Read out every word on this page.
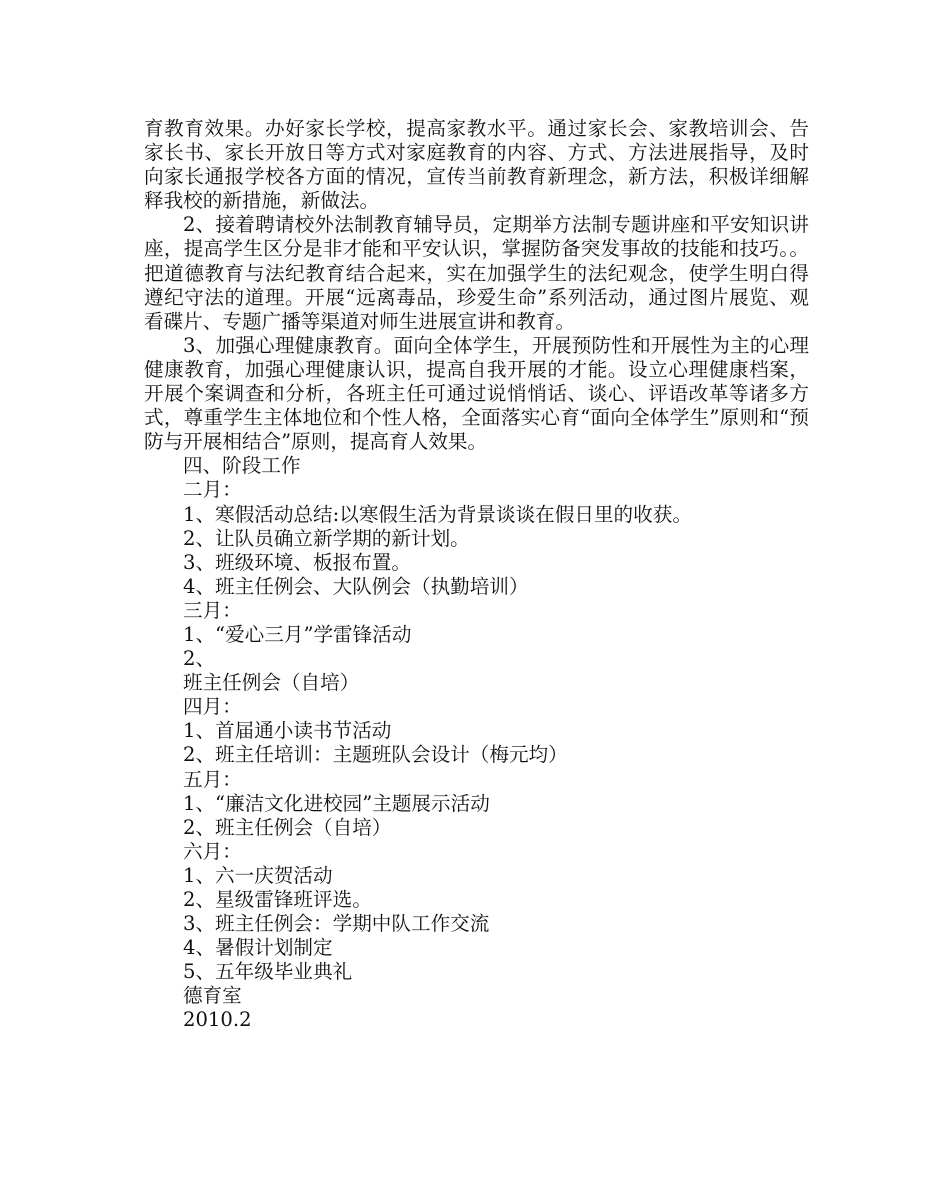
育教育效果。办好家长学校，提高家教水平。通过家长会、家教培训会、告家长书、家长开放日等方式对家庭教育的内容、方式、方法进展指导，及时向家长通报学校各方面的情况，宣传当前教育新理念，新方法，积极详细解释我校的新措施，新做法。

2、接着聘请校外法制教育辅导员，定期举方法制专题讲座和平安知识讲座，提高学生区分是非才能和平安认识，掌握防备突发事故的技能和技巧。。把道德教育与法纪教育结合起来，实在加强学生的法纪观念，使学生明白得遵纪守法的道理。开展“远离毒品，珍爱生命”系列活动，通过图片展览、观看碟片、专题广播等渠道对师生进展宣讲和教育。

3、加强心理健康教育。面向全体学生，开展预防性和开展性为主的心理健康教育，加强心理健康认识，提高自我开展的才能。设立心理健康档案，开展个案调查和分析，各班主任可通过说悄悄话、谈心、评语改革等诸多方式，尊重学生主体地位和个性人格，全面落实心育“面向全体学生”原则和“预防与开展相结合”原则，提高育人效果。

四、阶段工作

二月：

1、寒假活动总结:以寒假生活为背景谈谈在假日里的收获。

2、让队员确立新学期的新计划。

3、班级环境、板报布置。

4、班主任例会、大队例会（执勤培训）

三月：

1、“爱心三月”学雷锋活动

2、

班主任例会（自培）

四月：

1、首届通小读书节活动

2、班主任培训：主题班队会设计（梅元均）

五月：

1、“廉洁文化进校园”主题展示活动

2、班主任例会（自培）

六月：

1、六一庆贺活动

2、星级雷锋班评选。

3、班主任例会：学期中队工作交流

4、暑假计划制定

5、五年级毕业典礼

德育室

2010.2
